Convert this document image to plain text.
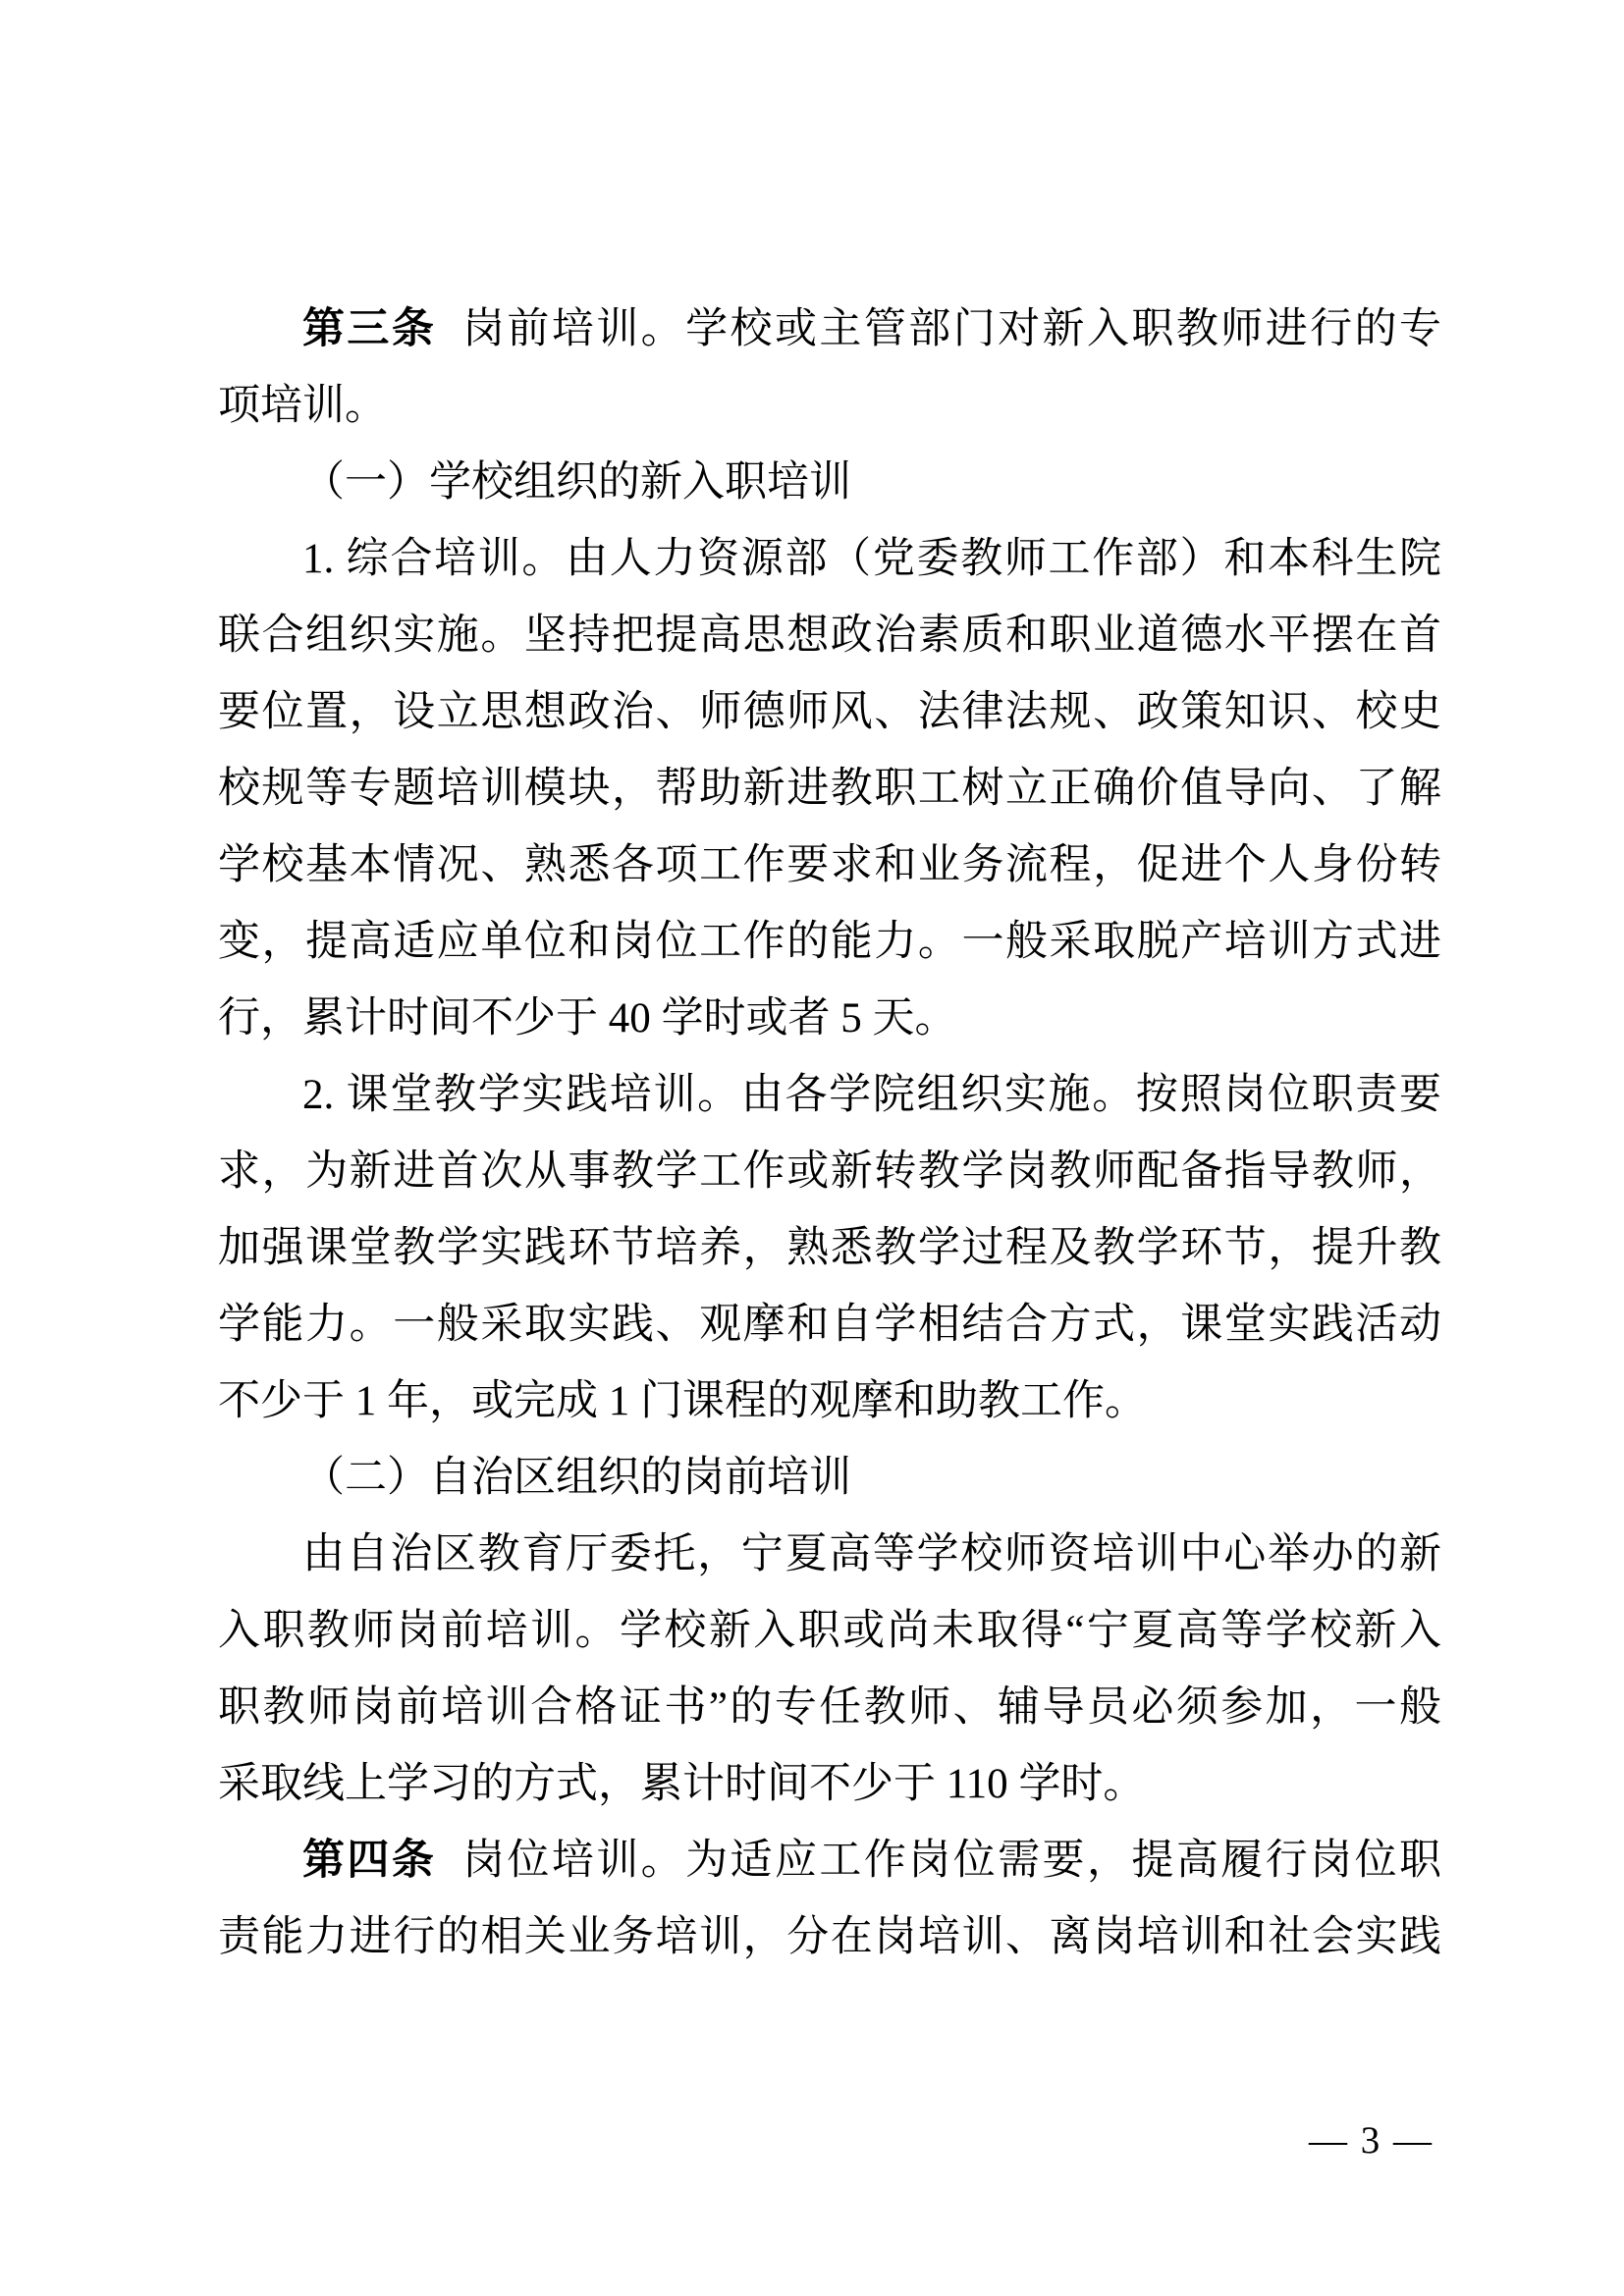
第三条 岗前培训。学校或主管部门对新入职教师进行的专
项培训。
（一）学校组织的新入职培训
1. 综合培训。由人力资源部（党委教师工作部）和本科生院
联合组织实施。坚持把提高思想政治素质和职业道德水平摆在首
要位置，设立思想政治、师德师风、法律法规、政策知识、校史
校规等专题培训模块，帮助新进教职工树立正确价值导向、了解
学校基本情况、熟悉各项工作要求和业务流程，促进个人身份转
变，提高适应单位和岗位工作的能力。一般采取脱产培训方式进
行，累计时间不少于 40 学时或者 5 天。
2. 课堂教学实践培训。由各学院组织实施。按照岗位职责要
求，为新进首次从事教学工作或新转教学岗教师配备指导教师，
加强课堂教学实践环节培养，熟悉教学过程及教学环节，提升教
学能力。一般采取实践、观摩和自学相结合方式，课堂实践活动
不少于 1 年，或完成 1 门课程的观摩和助教工作。
（二）自治区组织的岗前培训
由自治区教育厅委托，宁夏高等学校师资培训中心举办的新
入职教师岗前培训。学校新入职或尚未取得“宁夏高等学校新入
职教师岗前培训合格证书”的专任教师、辅导员必须参加，一般
采取线上学习的方式，累计时间不少于 110 学时。
第四条 岗位培训。为适应工作岗位需要，提高履行岗位职
责能力进行的相关业务培训，分在岗培训、离岗培训和社会实践
— 3 —
